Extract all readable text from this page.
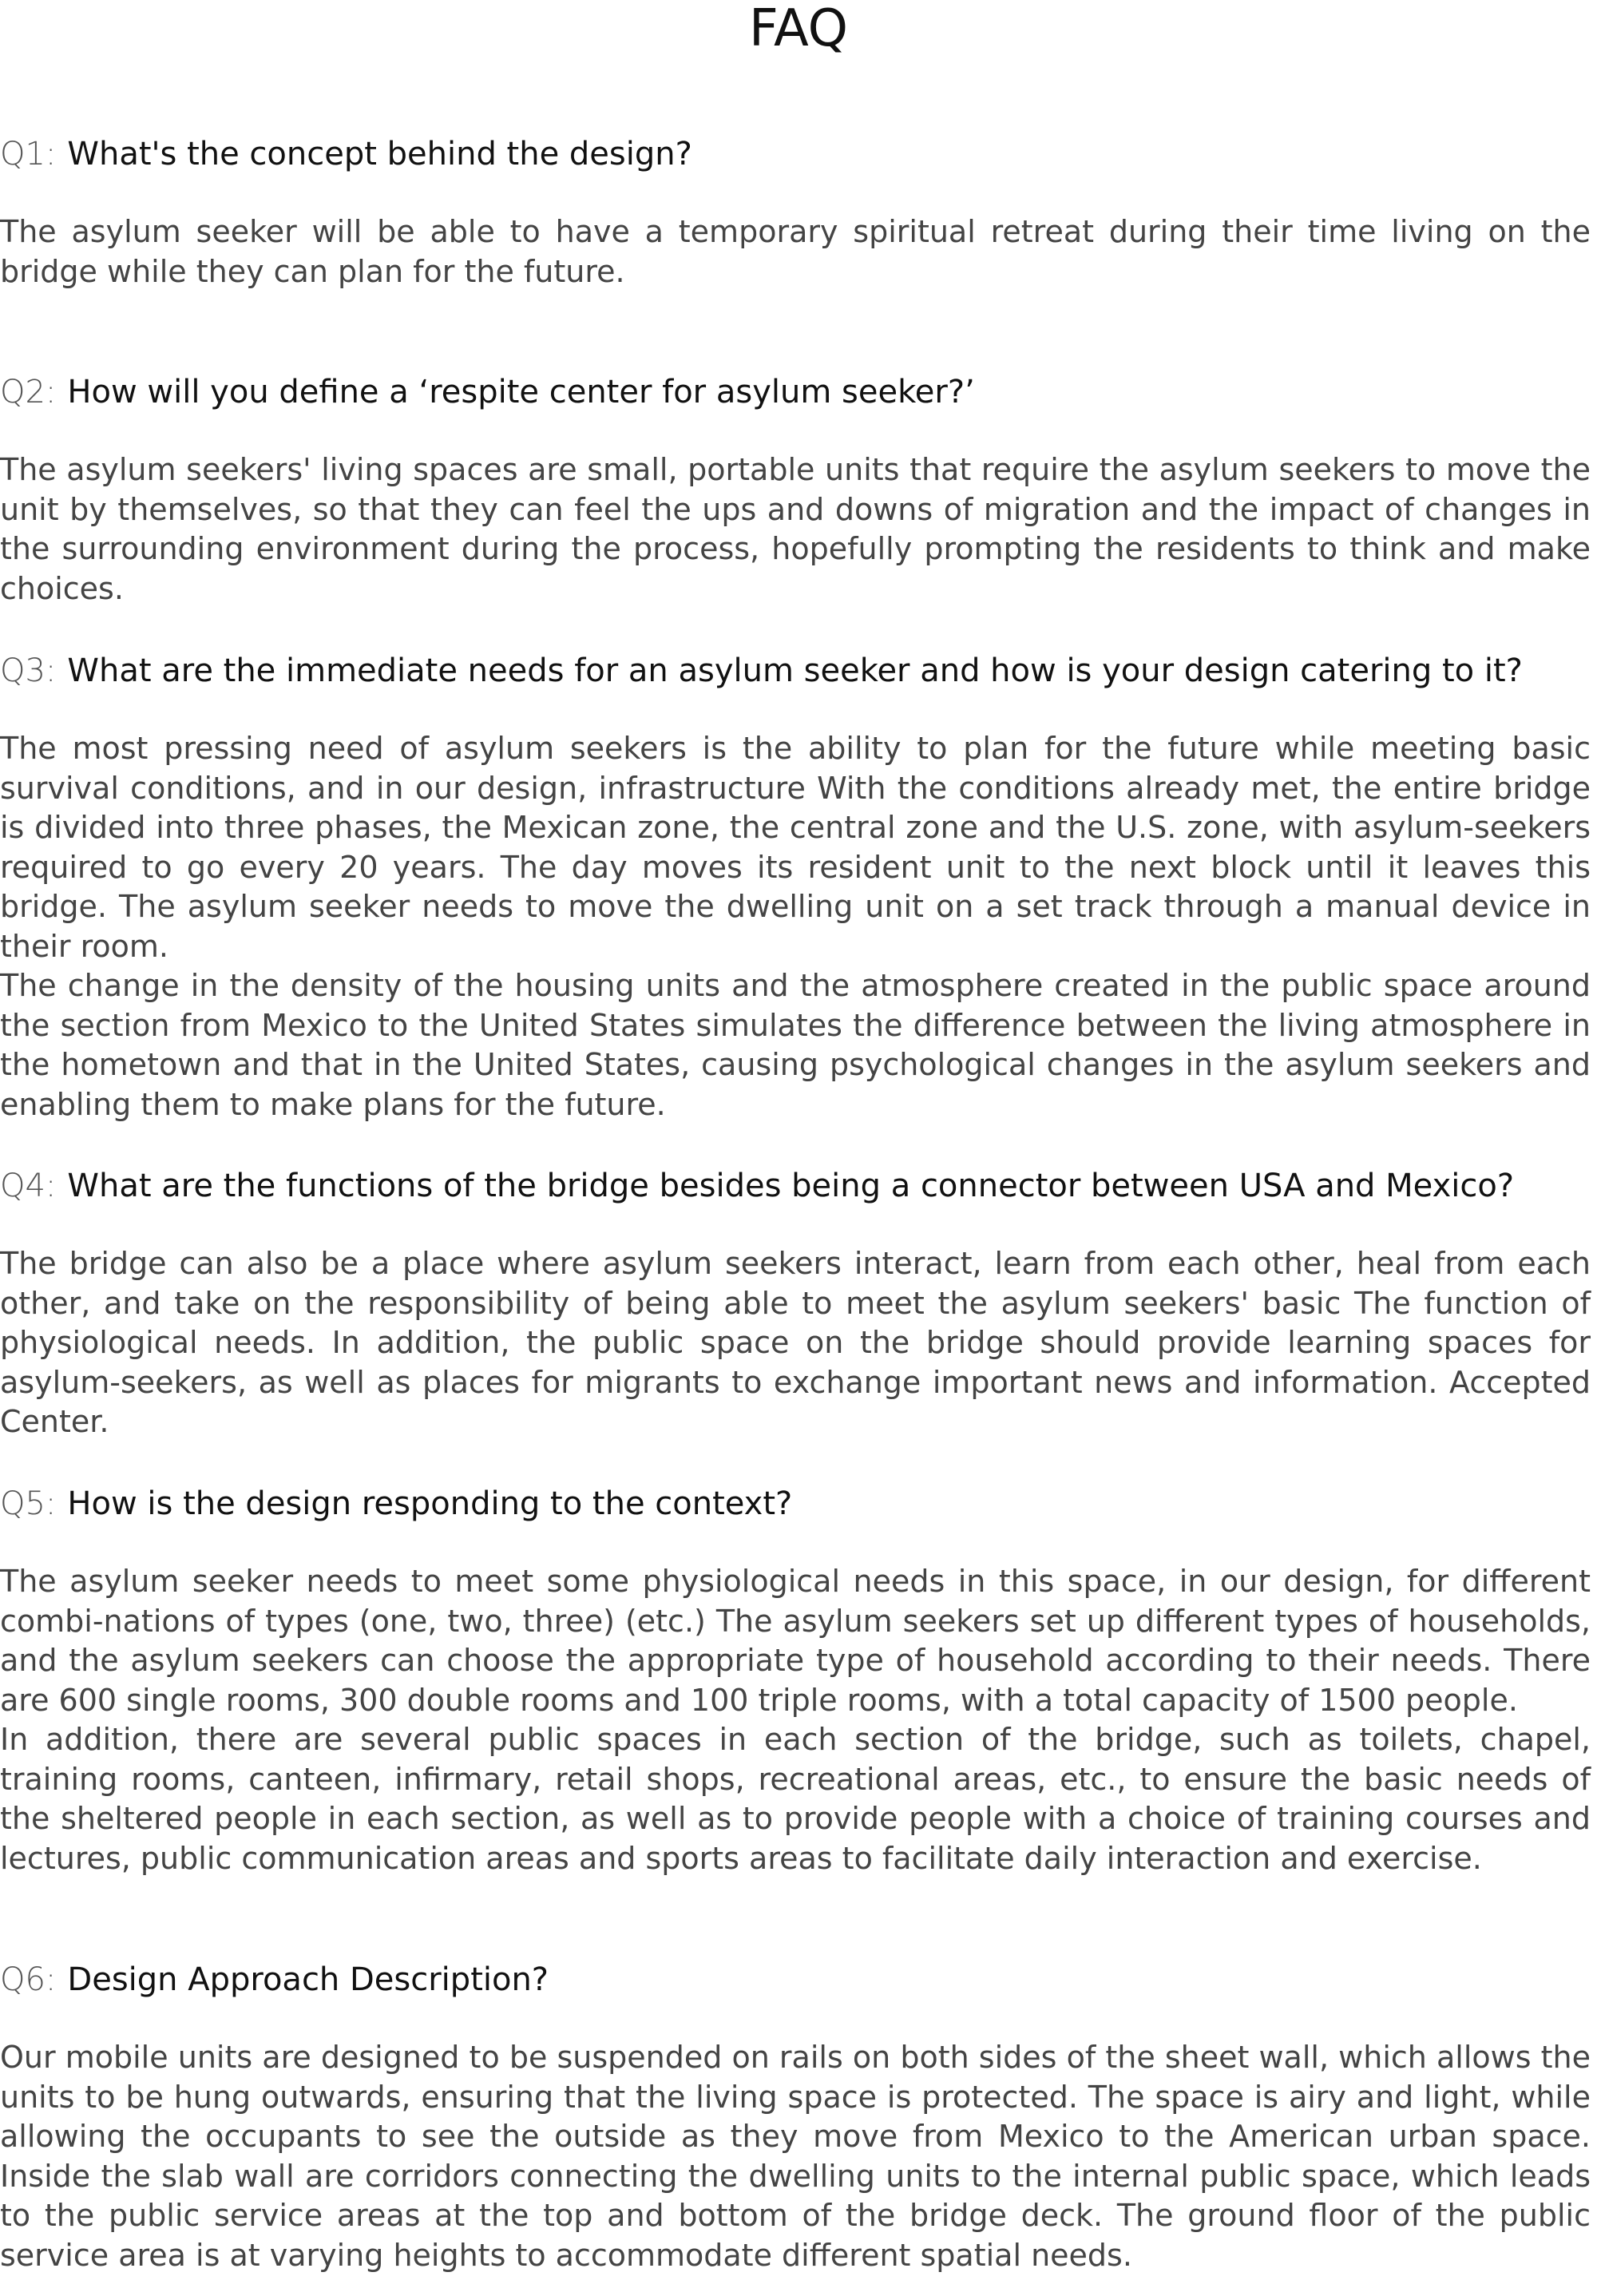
FAQ
Q1: What's the concept behind the design?

The asylum seeker will be able to have a temporary spiritual retreat during their time living on the bridge while they can plan for the future.

Q2: How will you define a ‘respite center for asylum seeker?’

The asylum seekers' living spaces are small, portable units that require the asylum seekers to move the unit by themselves, so that they can feel the ups and downs of migration and the impact of changes in the surrounding environment during the process, hopefully prompting the residents to think and make choices.

Q3: What are the immediate needs for an asylum seeker and how is your design catering to it?

The most pressing need of asylum seekers is the ability to plan for the future while meeting basic survival conditions, and in our design, infrastructure With the conditions already met, the entire bridge is divided into three phases, the Mexican zone, the central zone and the U.S. zone, with asylum-seekers required to go every 20 years. The day moves its resident unit to the next block until it leaves this bridge. The asylum seeker needs to move the dwelling unit on a set track through a manual device in their room.

The change in the density of the housing units and the atmosphere created in the public space around the section from Mexico to the United States simulates the difference between the living atmosphere in the hometown and that in the United States, causing psychological changes in the asylum seekers and enabling them to make plans for the future.

Q4: What are the functions of the bridge besides being a connector between USA and Mexico?

The bridge can also be a place where asylum seekers interact, learn from each other, heal from each other, and take on the responsibility of being able to meet the asylum seekers' basic The function of physiological needs. In addition, the public space on the bridge should provide learning spaces for asylum-seekers, as well as places for migrants to exchange important news and information. Accepted Center.

Q5: How is the design responding to the context?

The asylum seeker needs to meet some physiological needs in this space, in our design, for different combi-nations of types (one, two, three) (etc.) The asylum seekers set up different types of households, and the asylum seekers can choose the appropriate type of household according to their needs. There are 600 single rooms, 300 double rooms and 100 triple rooms, with a total capacity of 1500 people.

In addition, there are several public spaces in each section of the bridge, such as toilets, chapel, training rooms, canteen, infirmary, retail shops, recreational areas, etc., to ensure the basic needs of the sheltered people in each section, as well as to provide people with a choice of training courses and lectures, public communication areas and sports areas to facilitate daily interaction and exercise.

Q6: Design Approach Description?

Our mobile units are designed to be suspended on rails on both sides of the sheet wall, which allows the units to be hung outwards, ensuring that the living space is protected. The space is airy and light, while allowing the occupants to see the outside as they move from Mexico to the American urban space. Inside the slab wall are corridors connecting the dwelling units to the internal public space, which leads to the public service areas at the top and bottom of the bridge deck. The ground floor of the public service area is at varying heights to accommodate different spatial needs.
